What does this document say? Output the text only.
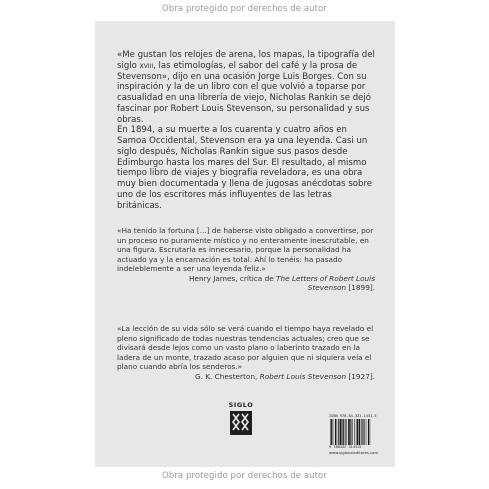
Obra protegido por derechos de autor

«Me gustan los relojes de arena, los mapas, la tipografía del siglo xviii, las etimologías, el sabor del café y la prosa de Stevenson», dijo en una ocasión Jorge Luis Borges. Con su inspiración y la de un libro con el que volvió a toparse por casualidad en una librería de viejo, Nicholas Rankin se dejó fascinar por Robert Louis Stevenson, su personalidad y sus obras.

En 1894, a su muerte a los cuarenta y cuatro años en Samoa Occidental, Stevenson era ya una leyenda. Casi un siglo después, Nicholas Rankin sigue sus pasos desde Edimburgo hasta los mares del Sur. El resultado, al mismo tiempo libro de viajes y biografía reveladora, es una obra muy bien documentada y llena de jugosas anécdotas sobre uno de los escritores más influyentes de las letras británicas.

«Ha tenido la fortuna [...] de haberse visto obligado a convertirse, por un proceso no puramente místico y no enteramente inescrutable, en una figura. Escrutarla es innecesario, porque la personalidad ha actuado ya y la encarnación es total. Ahí lo tenéis: ha pasado indeleblemente a ser una leyenda feliz.»

Henry James, crítica de The Letters of Robert Louis
Stevenson [1899].

«La lección de su vida sólo se verá cuando el tiempo haya revelado el pleno significado de todas nuestras tendencias actuales; creo que se divisará desde lejos como un vasto plano o laberinto trazado en la ladera de un monte, trazado acaso por alguien que ni siquiera veía el plano cuando abría los senderos.»

G. K. Chesterton, Robert Louis Stevenson [1927].

SIGLO
ISBN 978-84-323-1431-5
9 788432 314315
www.sigloxxieditores.com
Obra protegido por derechos de autor
